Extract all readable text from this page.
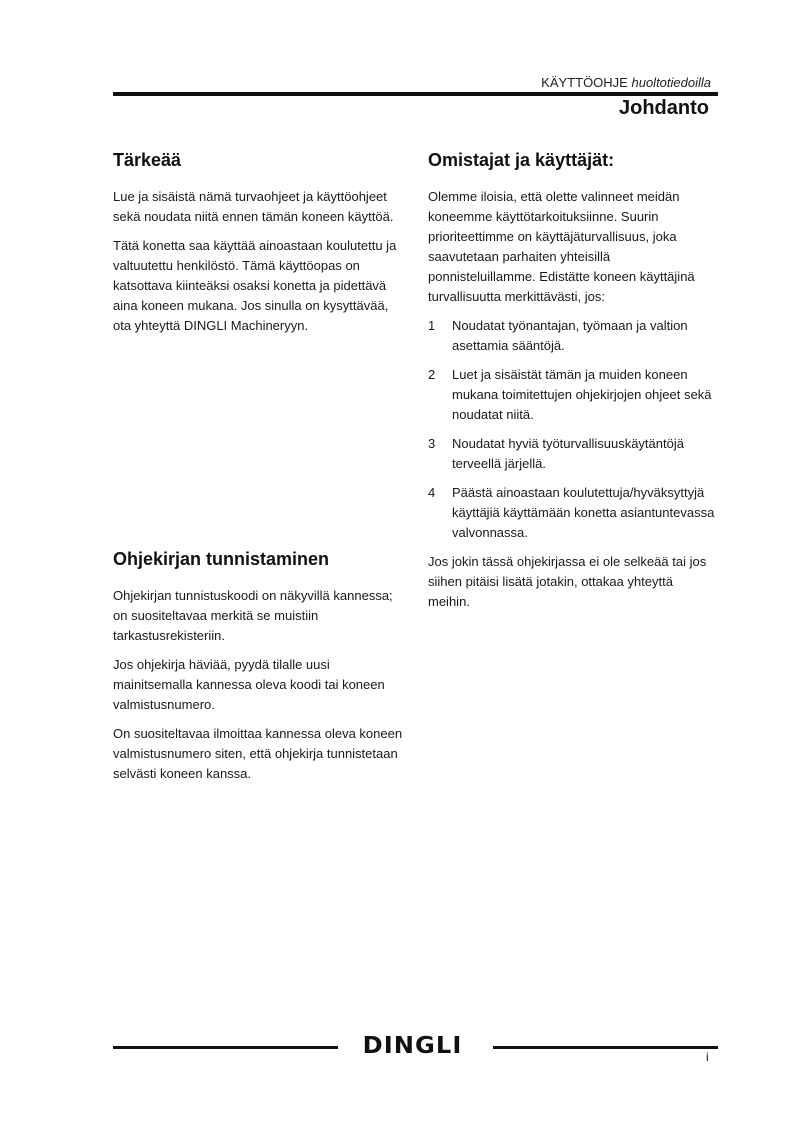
KÄYTTÖOHJE huoltotiedoilla
Johdanto
Tärkeää

Lue ja sisäistä nämä turvaohjeet ja käyttöohjeet sekä noudata niitä ennen tämän koneen käyttöä.

Tätä konetta saa käyttää ainoastaan koulutettu ja valtuutettu henkilöstö. Tämä käyttöopas on katsottava kiinteäksi osaksi konetta ja pidettävä aina koneen mukana. Jos sinulla on kysyttävää, ota yhteyttä DINGLI Machineryyn.

Ohjekirjan tunnistaminen

Ohjekirjan tunnistuskoodi on näkyvillä kannessa; on suositeltavaa merkitä se muistiin tarkastusrekisteriin.

Jos ohjekirja häviää, pyydä tilalle uusi mainitsemalla kannessa oleva koodi tai koneen valmistusnumero.

On suositeltavaa ilmoittaa kannessa oleva koneen valmistusnumero siten, että ohjekirja tunnistetaan selvästi koneen kanssa.

Omistajat ja käyttäjät:

Olemme iloisia, että olette valinneet meidän koneemme käyttötarkoituksiinne. Suurin prioriteettimme on käyttäjäturvallisuus, joka saavutetaan parhaiten yhteisillä ponnisteluillamme. Edistätte koneen käyttäjinä turvallisuutta merkittävästi, jos:

1	Noudatat työnantajan, työmaan ja valtion asettamia sääntöjä.
2	Luet ja sisäistät tämän ja muiden koneen mukana toimitettujen ohjekirjojen ohjeet sekä noudatat niitä.
3	Noudatat hyviä työturvallisuuskäytäntöjä terveellä järjellä.
4	Päästä ainoastaan koulutettuja/hyväksyttyjä käyttäjiä käyttämään konetta asiantuntevassa valvonnassa.

Jos jokin tässä ohjekirjassa ei ole selkeää tai jos siihen pitäisi lisätä jotakin, ottakaa yhteyttä meihin.

DINGLI	i
